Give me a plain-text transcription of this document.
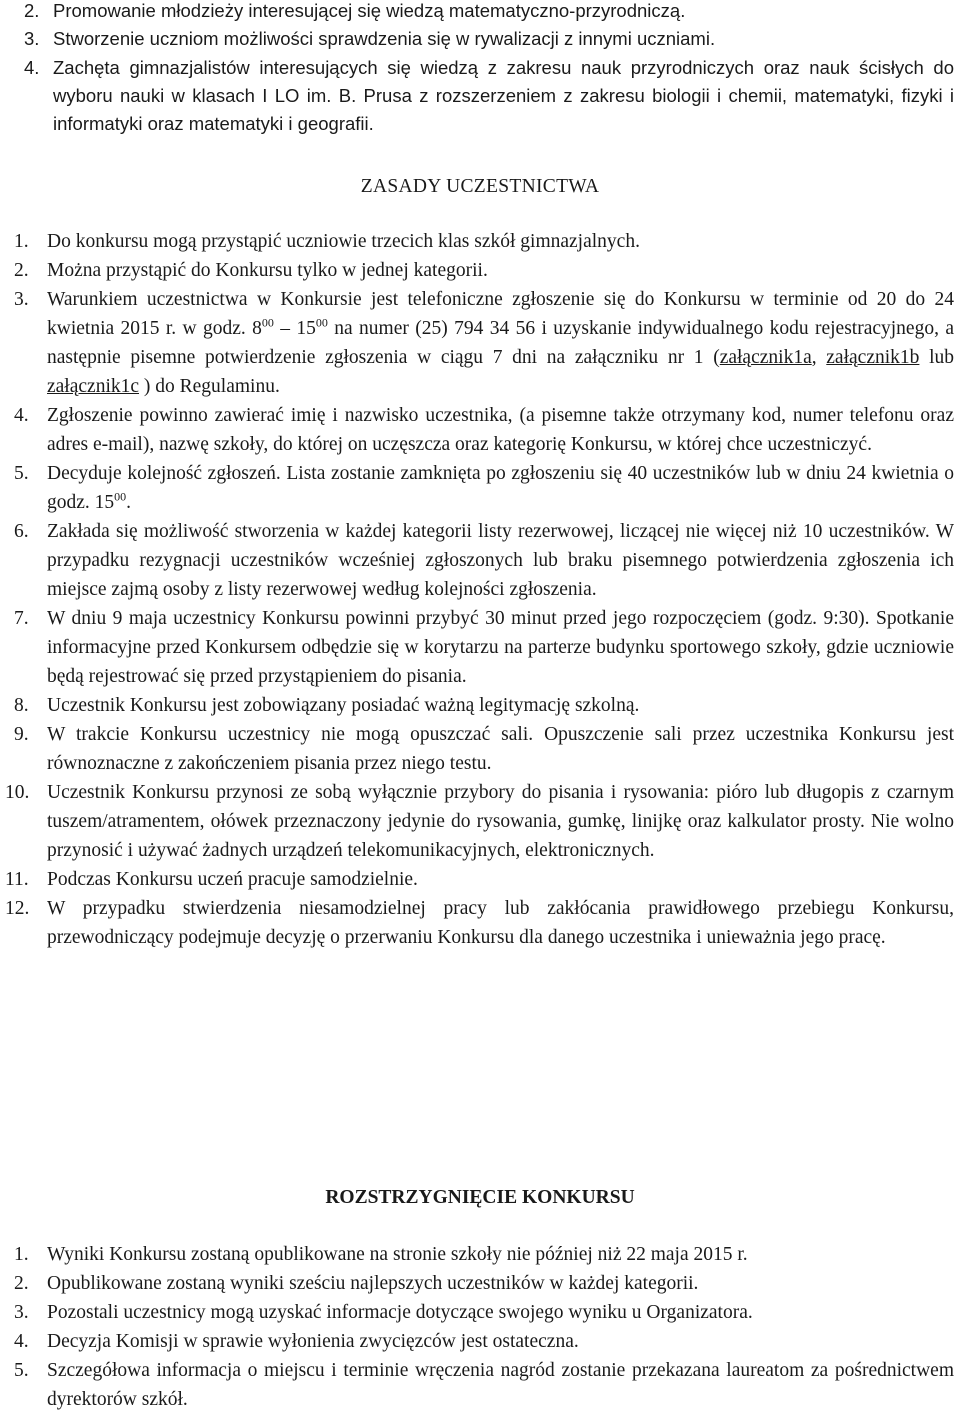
2. Promowanie młodzieży interesującej się wiedzą matematyczno-przyrodniczą.
3. Stworzenie uczniom możliwości sprawdzenia się w rywalizacji z innymi uczniami.
4. Zachęta gimnazjalistów interesujących się wiedzą z zakresu nauk przyrodniczych oraz nauk ścisłych do wyboru nauki w klasach I LO im. B. Prusa z rozszerzeniem z zakresu biologii i chemii, matematyki, fizyki i informatyki oraz matematyki i geografii.
ZASADY UCZESTNICTWA
1. Do konkursu mogą przystąpić uczniowie trzecich klas szkół gimnazjalnych.
2. Można przystąpić do Konkursu tylko w jednej kategorii.
3. Warunkiem uczestnictwa w Konkursie jest telefoniczne zgłoszenie się do Konkursu w terminie od 20 do 24 kwietnia 2015 r. w godz. $8^{00} - 15^{00}$ na numer (25) 794 34 56 i uzyskanie indywidualnego kodu rejestracyjnego, a następnie pisemne potwierdzenie zgłoszenia w ciągu 7 dni na załączniku nr 1 (załącznik1a, załącznik1b lub załącznik1c ) do Regulaminu.
4. Zgłoszenie powinno zawierać imię i nazwisko uczestnika, (a pisemne także otrzymany kod, numer telefonu oraz adres e-mail), nazwę szkoły, do której on uczęszcza oraz kategorię Konkursu, w której chce uczestniczyć.
5. Decyduje kolejność zgłoszeń. Lista zostanie zamknięta po zgłoszeniu się 40 uczestników lub w dniu 24 kwietnia o godz. $15^{00}$.
6. Zakłada się możliwość stworzenia w każdej kategorii listy rezerwowej, liczącej nie więcej niż 10 uczestników. W przypadku rezygnacji uczestników wcześniej zgłoszonych lub braku pisemnego potwierdzenia zgłoszenia ich miejsce zajmą osoby z listy rezerwowej według kolejności zgłoszenia.
7. W dniu 9 maja uczestnicy Konkursu powinni przybyć 30 minut przed jego rozpoczęciem (godz. 9:30). Spotkanie informacyjne przed Konkursem odbędzie się w korytarzu na parterze budynku sportowego szkoły, gdzie uczniowie będą rejestrować się przed przystąpieniem do pisania.
8. Uczestnik Konkursu jest zobowiązany posiadać ważną legitymację szkolną.
9. W trakcie Konkursu uczestnicy nie mogą opuszczać sali. Opuszczenie sali przez uczestnika Konkursu jest równoznaczne z zakończeniem pisania przez niego testu.
10. Uczestnik Konkursu przynosi ze sobą wyłącznie przybory do pisania i rysowania: pióro lub długopis z czarnym tuszem/atramentem, ołówek przeznaczony jedynie do rysowania, gumkę, linijkę oraz kalkulator prosty. Nie wolno przynosić i używać żadnych urządzeń telekomunikacyjnych, elektronicznych.
11. Podczas Konkursu uczeń pracuje samodzielnie.
12. W przypadku stwierdzenia niesamodzielnej pracy lub zakłócania prawidłowego przebiegu Konkursu, przewodniczący podejmuje decyzję o przerwaniu Konkursu dla danego uczestnika i unieważnia jego pracę.
ROZSTRZYGNIĘCIE KONKURSU
1. Wyniki Konkursu zostaną opublikowane na stronie szkoły nie później niż 22 maja 2015 r.
2. Opublikowane zostaną wyniki sześciu najlepszych uczestników w każdej kategorii.
3. Pozostali uczestnicy mogą uzyskać informacje dotyczące swojego wyniku u Organizatora.
4. Decyzja Komisji w sprawie wyłonienia zwycięzców jest ostateczna.
5. Szczegółowa informacja o miejscu i terminie wręczenia nagród zostanie przekazana laureatom za pośrednictwem dyrektorów szkół.
